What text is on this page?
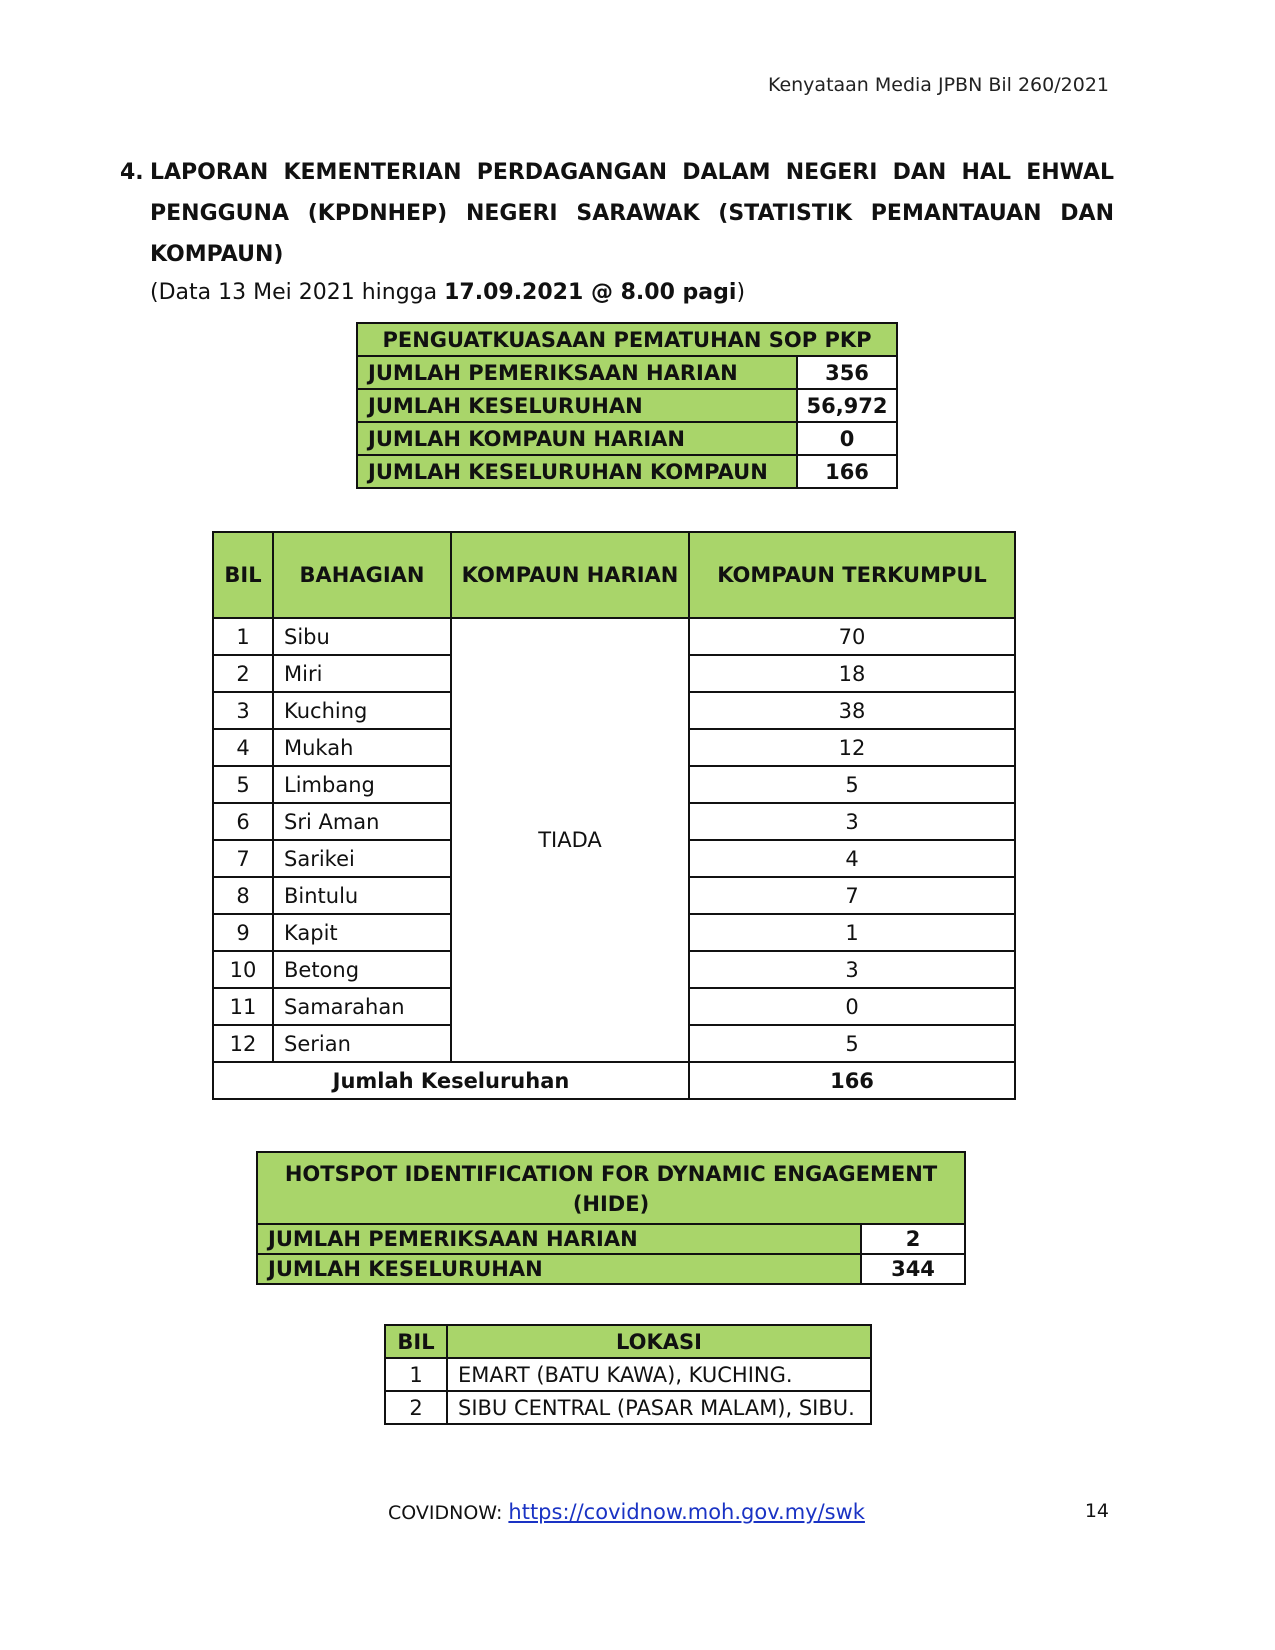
Kenyataan Media JPBN Bil 260/2021
4. LAPORAN KEMENTERIAN PERDAGANGAN DALAM NEGERI DAN HAL EHWAL PENGGUNA (KPDNHEP) NEGERI SARAWAK (STATISTIK PEMANTAUAN DAN KOMPAUN)
(Data 13 Mei 2021 hingga 17.09.2021 @ 8.00 pagi)
PENGUATKUASAAN PEMATUHAN SOP PKP	
JUMLAH PEMERIKSAAN HARIAN	356
JUMLAH KESELURUHAN	56,972
JUMLAH KOMPAUN HARIAN	0
JUMLAH KESELURUHAN KOMPAUN	166
BIL	BAHAGIAN	KOMPAUN HARIAN	KOMPAUN TERKUMPUL
1	Sibu	TIADA	70
2	Miri		18
3	Kuching		38
4	Mukah		12
5	Limbang		5
6	Sri Aman		3
7	Sarikei		4
8	Bintulu		7
9	Kapit		1
10	Betong		3
11	Samarahan		0
12	Serian		5
Jumlah Keseluruhan			166
HOTSPOT IDENTIFICATION FOR DYNAMIC ENGAGEMENT (HIDE)	
JUMLAH PEMERIKSAAN HARIAN	2
JUMLAH KESELURUHAN	344
BIL	LOKASI
1	EMART (BATU KAWA), KUCHING.
2	SIBU CENTRAL (PASAR MALAM), SIBU.
COVIDNOW: https://covidnow.moh.gov.my/swk	14
